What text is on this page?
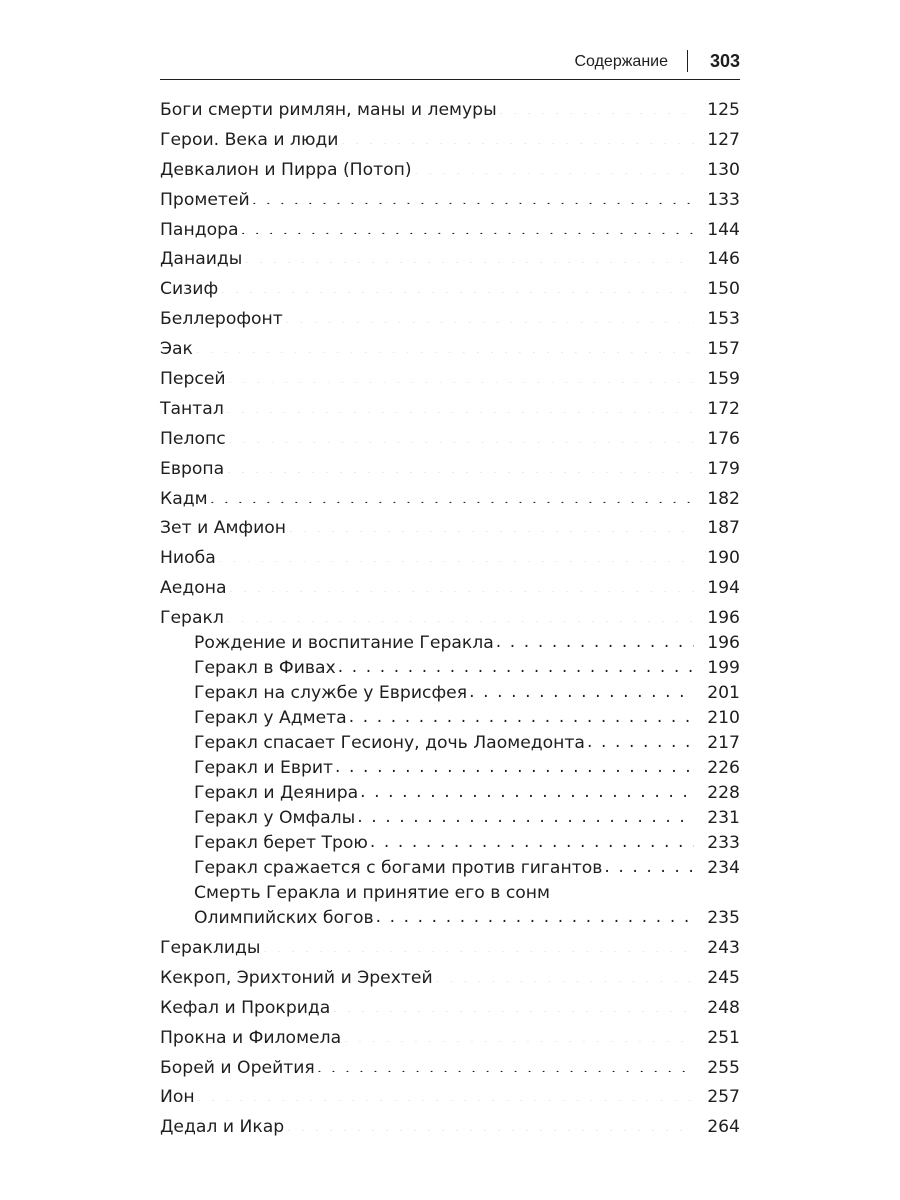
Содержание 303
Боги смерти римлян, маны и лемуры . . .	125
Герои. Века и люди . . .	127
Девкалион и Пирра (Потоп) . . .	130
Прометей . . .	133
Пандора . . .	144
Данаиды . . .	146
Сизиф . . .	150
Беллерофонт . . .	153
Эак . . .	157
Персей . . .	159
Тантал . . .	172
Пелопс . . .	176
Европа . . .	179
Кадм . . .	182
Зет и Амфион . . .	187
Ниоба . . .	190
Аедона . . .	194
Геракл . . .	196
Рождение и воспитание Геракла . . .	196
Геракл в Фивах . . .	199
Геракл на службе у Еврисфея . . .	201
Геракл у Адмета . . .	210
Геракл спасает Гесиону, дочь Лаомедонта . . .	217
Геракл и Еврит . . .	226
Геракл и Деянира . . .	228
Геракл у Омфалы . . .	231
Геракл берет Трою . . .	233
Геракл сражается с богами против гигантов . . .	234
Смерть Геракла и принятие его в сонм
Олимпийских богов . . .	235
Гераклиды . . .	243
Кекроп, Эрихтоний и Эрехтей . . .	245
Кефал и Прокрида . . .	248
Прокна и Филомела . . .	251
Борей и Орейтия . . .	255
Ион . . .	257
Дедал и Икар . . .	264
